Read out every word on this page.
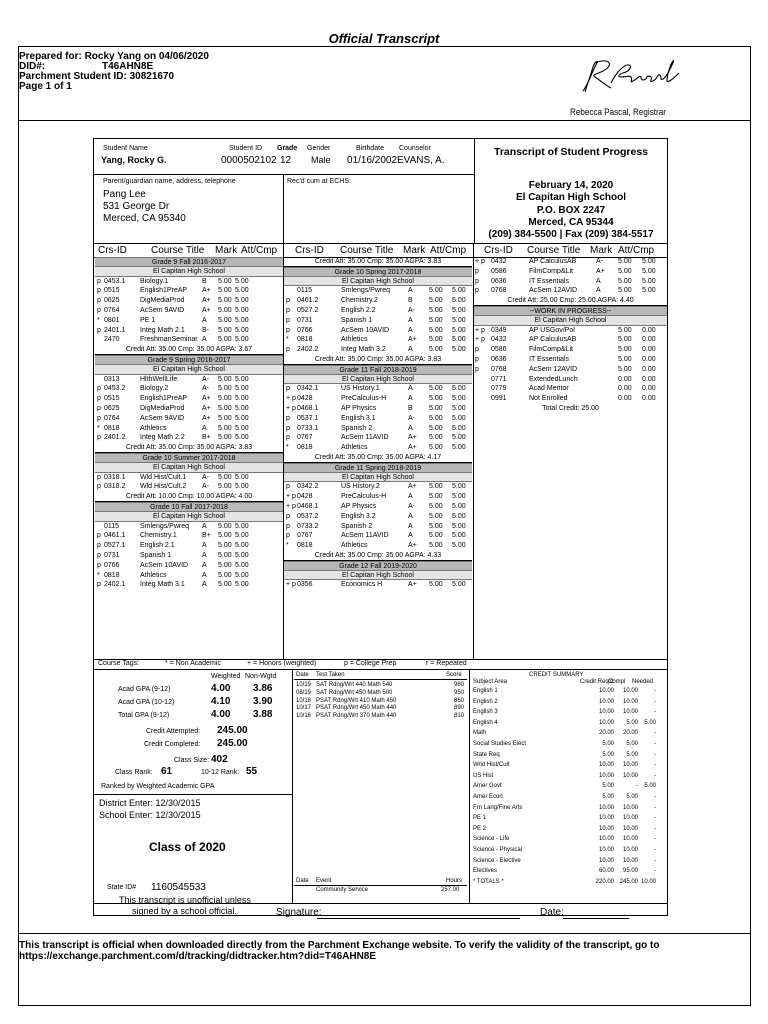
Official Transcript
Prepared for: Rocky Yang on 04/06/2020
DID#:	T46AHN8E
Parchment Student ID: 30821670
Page 1 of 1
Rebecca Pascal, Registrar
Student Name
Yang, Rocky G.
Student ID
0000502102
Grade
12
Gender
Male
Birthdate
01/16/2002
Counselor
EVANS, A.
Parent/guardian name, address, telephone
Pang Lee
531 George Dr
Merced, CA 95340
Rec'd cum at ECHS:
Transcript of Student Progress
February 14, 2020
El Capitan High School
P.O. BOX 2247
Merced, CA 95344
(209) 384-5500 | Fax (209) 384-5517
Crs-ID Course Title Mark Att/Cmp Crs-ID Course Title Mark Att/Cmp Crs-ID Course Title Mark Att/Cmp
Grade 9 Fall 2016-2017
El Capitan High School
p 0453.1 Biology.1	B 5.00 5.00
p 0515	English1PreAP A+ 5.00 5.00
p 0625	DigMediaProd	A+ 5.00 5.00
p 0764	AcSem 9AVID	A+ 5.00 5.00
* 0801	PE 1	A 5.00 5.00
p 2401.1 Integ Math 2.1 B- 5.00 5.00
2470	FreshmanSeminar A 5.00 5.00
Credit Att: 35.00 Cmp: 35.00 AGPA: 3.67
Grade 9 Spring 2016-2017
El Capitan High School
0313	HlthWellLife	A- 5.00 5.00
p 0453.2 Biology.2	A- 5.00 5.00
p 0515	English1PreAP A+ 5.00 5.00
p 0625	DigMediaProd	A+ 5.00 5.00
p 0764	AcSem 9AVID	A+ 5.00 5.00
* 0818	Athletics	A 5.00 5.00
p 2401.2 Integ Math 2.2 B+ 5.00 5.00
Credit Att: 35.00 Cmp: 35.00 AGPA: 3.83
Grade 10 Summer 2017-2018
El Capitan High School
p 0318.1 Wld Hist/Cult.1 A- 5.00 5.00
p 0318.2 Wld Hist/Cult.2 A- 5.00 5.00
Credit Att: 10.00 Cmp: 10.00 AGPA: 4.00
Grade 10 Fall 2017-2018
El Capitan High School
0115	Smlengs/Pwreq A 5.00 5.00
p 0461.1 Chemistry.1	B+ 5.00 5.00
p 0527.1 English 2.1	A 5.00 5.00
p 0731	Spanish 1	A 5.00 5.00
p 0766	AcSem 10AVID A 5.00 5.00
* 0818	Athletics	A 5.00 5.00
p 2402.1 Integ Math 3.1 A 5.00 5.00
Credit Att: 35.00 Cmp: 35.00 AGPA: 3.83
Grade 10 Spring 2017-2018
El Capitan High School
0115	Smlengs/Pwreq	A 5.00 5.00
p 0461.2	Chemistry.2	B 5.00 5.00
p 0527.2	English 2.2	A- 5.00 5.00
p 0731	Spanish 1	A 5.00 5.00
p 0766	AcSem 10AVID	A 5.00 5.00
* 0818	Athletics	A+ 5.00 5.00
p 2402.2	Integ Math 3.2	A 5.00 5.00
Credit Att: 35.00 Cmp: 35.00 AGPA: 3.83
Grade 11 Fall 2018-2019
El Capitan High School
p 0342.1	US History.1	A 5.00 5.00
+ p 0428	PreCalculus-H	A 5.00 5.00
+ p 0468.1	AP Physics	B 5.00 5.00
p 0537.1	English 3.1	A- 5.00 5.00
p 0733.1	Spanish 2	A 5.00 5.00
p 0767	AcSem 11AVID	A+ 5.00 5.00
* 0818	Athletics	A+ 5.00 5.00
Credit Att: 35.00 Cmp: 35.00 AGPA: 4.17
Grade 11 Spring 2018-2019
El Capitan High School
p 0342.2	US History.2	A+ 5.00 5.00
+ p 0428	PreCalculus-H	A 5.00 5.00
+ p 0468.1	AP Physics	A- 5.00 5.00
p 0537.2	English 3.2	A 5.00 5.00
p 0733.2	Spanish 2	A 5.00 5.00
p 0767	AcSem 11AVID	A 5.00 5.00
* 0818	Athletics	A+ 5.00 5.00
Credit Att: 35.00 Cmp: 35.00 AGPA: 4.33
Grade 12 Fall 2019-2020
El Capitan High School
+ p 0356	Economics H	A+ 5.00 5.00
+ p 0432	AP CalculusAB	A- 5.00 5.00
p 0586	FilmComp&Lit	A+ 5.00 5.00
p 0636	IT Essentials	A 5.00 5.00
p 0768	AcSem 12AVID	A 5.00 5.00
Credit Att: 25.00 Cmp: 25.00 AGPA: 4.40
--WORK IN PROGRESS--
El Capitan High School
+ p 0349	AP USGov/Pol	5.00 0.00
+ p 0432	AP CalculusAB	5.00 0.00
p 0586	FilmComp&Lit	5.00 0.00
p 0636	IT Essentials	5.00 0.00
p 0768	AcSem 12AVID	5.00 0.00
0771	ExtendedLunch	0.00 0.00
0779	Acad Mentor	0.00 0.00
0991	Not Enrolled	0.00 0.00
Total Credit: 25.00
Course Tags:	* = Non Academic	+ = Honors (weighted)	p = College Prep	r = Repeated
Weighted Non-Wgtd
Acad GPA (9-12)	4.00 3.86
Acad GPA (10-12)	4.10 3.90
Total GPA (9-12)	4.00 3.88
Credit Attempted: 245.00
Credit Completed: 245.00
Class Size: 402
Class Rank: 61	10-12 Rank: 55
Ranked by Weighted Academic GPA
District Enter: 12/30/2015
School Enter: 12/30/2015
Class of 2020
State ID# 1160545533
Date Test Taken	Score
10/19 SAT Rdng/Wrt 440 Math 540	980
08/19 SAT Rdng/Wrt 450 Math 500	950
10/18 PSAT Rdng/Wrt 410 Math 450	860
10/17 PSAT Rdng/Wrt 450 Math 440	890
10/16 PSAT Rdng/Wrt 370 Math 440	810
Date Event	Hours
Community Service	257.00
CREDIT SUMMARY
Subject Area	Credit Req'd
Compl Needed
English 1	10.00 10.00	-
English 2	10.00 10.00	-
English 3	10.00 10.00	-
English 4	10.00 5.00 5.00
Math	20.00 20.00	-
Social Studies Elect	5.00 5.00	-
State Req	5.00 5.00	-
Wrld Hist/Cult	10.00 10.00	-
US Hist	10.00 10.00	-
Amer Govt	5.00	- 5.00
Amer Econ	5.00 5.00	-
Frn Lang/Fine Arts	10.00 10.00	-
PE 1	10.00 10.00	-
PE 2	10.00 10.00	-
Science - Life	10.00 10.00	-
Science - Physical	10.00 10.00	-
Science - Elective	10.00 10.00	-
Electives	60.00 95.00	-
* TOTALS *	220.00 245.00 10.00
This transcript is unofficial unless
signed by a school official.	Signature:	Date:
This transcript is official when downloaded directly from the Parchment Exchange website. To verify the validity of the transcript, go to https://exchange.parchment.com/d/tracking/didtracker.htm?did=T46AHN8E
